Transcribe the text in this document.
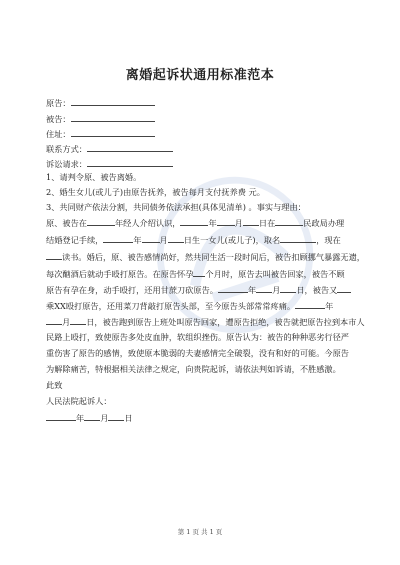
离婚起诉状通用标准范本
原告：
被告：
住址：
联系方式：
诉讼请求：
1、请判令原、被告离婚。
2、婚生女儿(或儿子)由原告抚养，被告每月支付抚养费 元。
3、共同财产依法分割，共同债务依法承担(具体见清单) 。事实与理由：
原、被告在	年经人介绍认识，	年 月 日在	民政局办理
结婚登记手续，	年 月 日生一女儿(或儿子)，取名	，现在
读书。婚后，原、被告感情尚好，然共同生活一段时间后，被告扣顾挪气暴露无遗，
每次酗酒后就动手殴打原告。在原告怀孕 个月时，原告去叫被告回家，被告不顾
原告有孕在身，动手殴打，还用甘蔗刀砍原告。	年 月 日，被告又
乘XX殴打原告，还用菜刀背敲打原告头部，至今原告头部常常疼痛。	年
月 日，被告跑到原告上班处叫原告回家，遭原告拒绝，被告就把原告拉到本市人
民路上殴打，致使原告多处皮血肿，软组织挫伤。原告认为：被告的种种恶劣行径严
重伤害了原告的感情，致使原本脆弱的夫妻感情完全破裂，没有和好的可能。今原告
为解除痛苦，特根据相关法律之规定，向贵院起诉，请依法判如诉请，不胜感激。
此致
人民法院起诉人：
年 月 日
第 1 页 共 1 页
